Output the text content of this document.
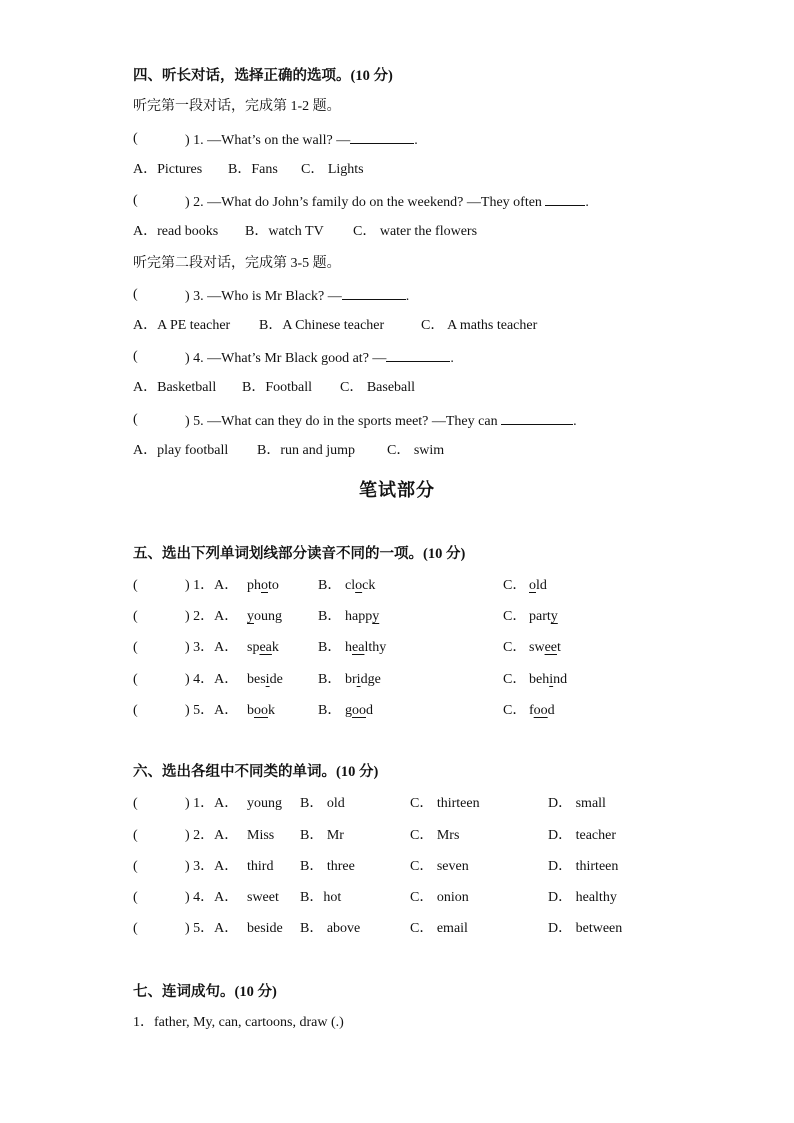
四、听长对话，选择正确的选项。(10 分)
听完第一段对话，完成第 1-2 题。
(	) 1. —What’s on the wall? —	.
A．Pictures B．Fans C． Lights
(	) 2. —What do John’s family do on the weekend? —They often	.
A．read books B．watch TV C． water the flowers
听完第二段对话，完成第 3-5 题。
(	) 3. —Who is Mr Black? —	.
A．A PE teacher B．A Chinese teacher	C． A maths teacher
(	) 4. —What’s Mr Black good at? —	.
A．Basketball B．Football C． Baseball
(	) 5. —What can they do in the sports meet? —They can	.
A．play football B．run and jump C． swim
笔试部分
五、选出下列单词划线部分读音不同的一项。(10 分)
(	) 1．A． photo	B． clock	C． old
(	) 2．A． young	B． happy	C． party
(	) 3．A． speak	B． healthy	C． sweet
(	) 4．A． beside	B． bridge	C． behind
(	) 5．A． book	B． good	C． food
六、选出各组中不同类的单词。(10 分)
(	) 1．A． young B． old	C． thirteen	D． small
(	) 2．A． Miss B． Mr	C． Mrs	D． teacher
(	) 3．A． third B． three	C． seven	D． thirteen
(	) 4．A． sweet B．hot	C． onion	D． healthy
(	) 5．A． beside B． above	C． email	D． between
七、连词成句。(10 分)
1．father, My, can, cartoons, draw (.)
